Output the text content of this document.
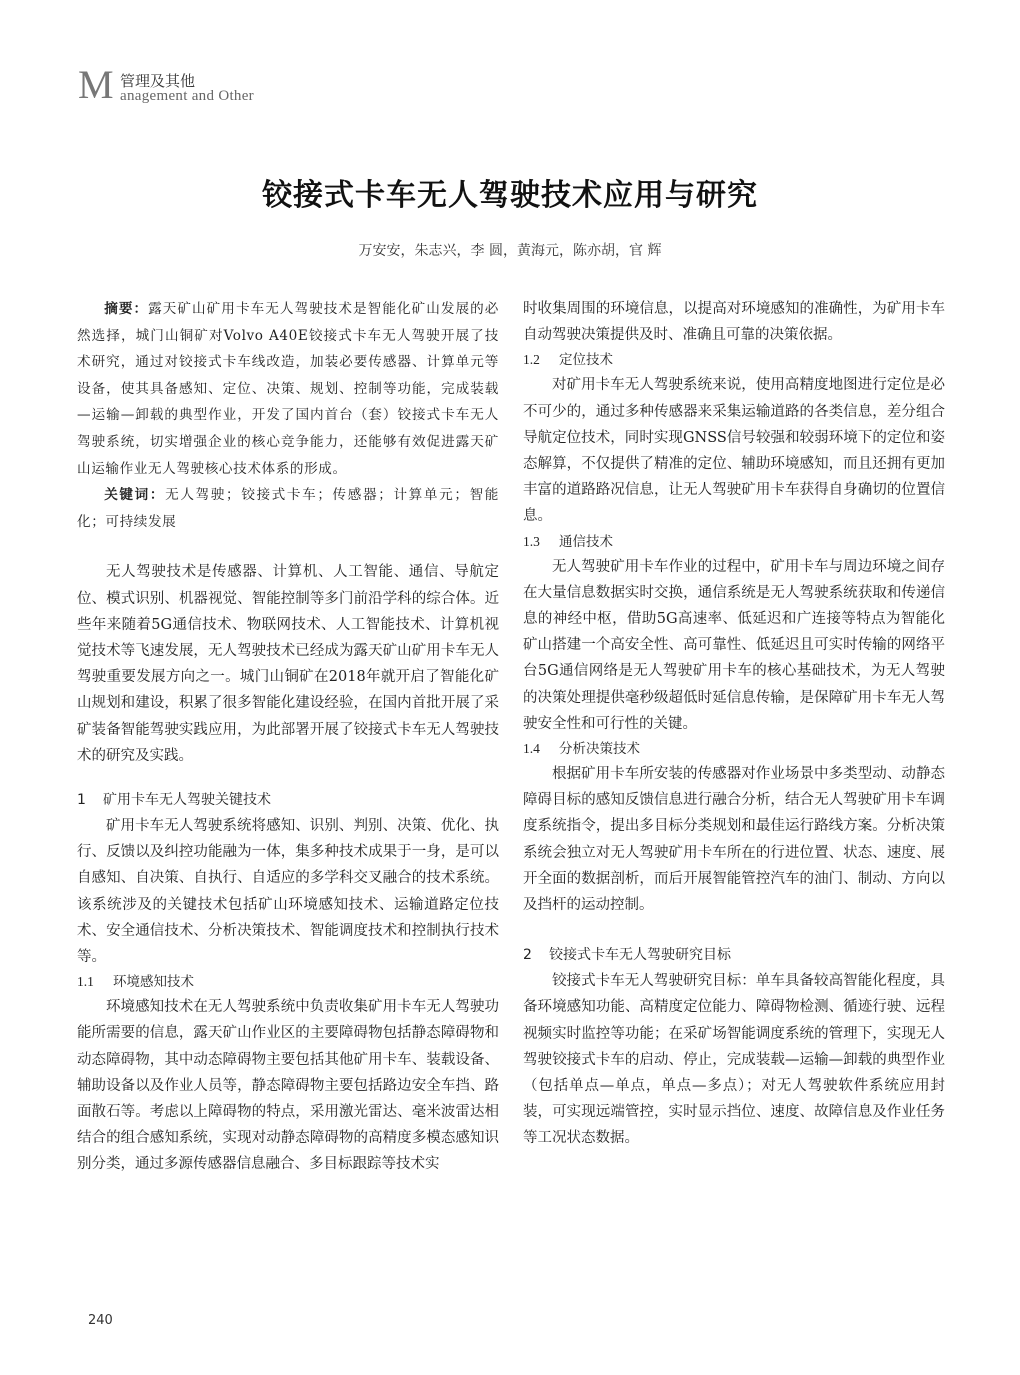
M 管理及其他
anagement and Other
铰接式卡车无人驾驶技术应用与研究
万安安，朱志兴，李 圆，黄海元，陈亦胡，官 辉

摘要：露天矿山矿用卡车无人驾驶技术是智能化矿山发展的必然选择，城门山铜矿对Volvo A40E铰接式卡车无人驾驶开展了技术研究，通过对铰接式卡车线改造，加装必要传感器、计算单元等设备，使其具备感知、定位、决策、规划、控制等功能，完成装载—运输—卸载的典型作业，开发了国内首台（套）铰接式卡车无人驾驶系统，切实增强企业的核心竞争能力，还能够有效促进露天矿山运输作业无人驾驶核心技术体系的形成。

关键词：无人驾驶；铰接式卡车；传感器；计算单元；智能化；可持续发展

无人驾驶技术是传感器、计算机、人工智能、通信、导航定位、模式识别、机器视觉、智能控制等多门前沿学科的综合体。近些年来随着5G通信技术、物联网技术、人工智能技术、计算机视觉技术等飞速发展，无人驾驶技术已经成为露天矿山矿用卡车无人驾驶重要发展方向之一。城门山铜矿在2018年就开启了智能化矿山规划和建设，积累了很多智能化建设经验，在国内首批开展了采矿装备智能驾驶实践应用，为此部署开展了铰接式卡车无人驾驶技术的研究及实践。

1 矿用卡车无人驾驶关键技术

矿用卡车无人驾驶系统将感知、识别、判别、决策、优化、执行、反馈以及纠控功能融为一体，集多种技术成果于一身，是可以自感知、自决策、自执行、自适应的多学科交叉融合的技术系统。该系统涉及的关键技术包括矿山环境感知技术、运输道路定位技术、安全通信技术、分析决策技术、智能调度技术和控制执行技术等。

1.1 环境感知技术

环境感知技术在无人驾驶系统中负责收集矿用卡车无人驾驶功能所需要的信息，露天矿山作业区的主要障碍物包括静态障碍物和动态障碍物，其中动态障碍物主要包括其他矿用卡车、装载设备、辅助设备以及作业人员等，静态障碍物主要包括路边安全车挡、路面散石等。考虑以上障碍物的特点，采用激光雷达、毫米波雷达相结合的组合感知系统，实现对动静态障碍物的高精度多模态感知识别分类，通过多源传感器信息融合、多目标跟踪等技术实

时收集周围的环境信息，以提高对环境感知的准确性，为矿用卡车自动驾驶决策提供及时、准确且可靠的决策依据。

1.2 定位技术

对矿用卡车无人驾驶系统来说，使用高精度地图进行定位是必不可少的，通过多种传感器来采集运输道路的各类信息，差分组合导航定位技术，同时实现GNSS信号较强和较弱环境下的定位和姿态解算，不仅提供了精准的定位、辅助环境感知，而且还拥有更加丰富的道路路况信息，让无人驾驶矿用卡车获得自身确切的位置信息。

1.3 通信技术

无人驾驶矿用卡车作业的过程中，矿用卡车与周边环境之间存在大量信息数据实时交换，通信系统是无人驾驶系统获取和传递信息的神经中枢，借助5G高速率、低延迟和广连接等特点为智能化矿山搭建一个高安全性、高可靠性、低延迟且可实时传输的网络平台5G通信网络是无人驾驶矿用卡车的核心基础技术，为无人驾驶的决策处理提供毫秒级超低时延信息传输，是保障矿用卡车无人驾驶安全性和可行性的关键。

1.4 分析决策技术

根据矿用卡车所安装的传感器对作业场景中多类型动、动静态障碍目标的感知反馈信息进行融合分析，结合无人驾驶矿用卡车调度系统指令，提出多目标分类规划和最佳运行路线方案。分析决策系统会独立对无人驾驶矿用卡车所在的行进位置、状态、速度、展开全面的数据剖析，而后开展智能管控汽车的油门、制动、方向以及挡杆的运动控制。

2 铰接式卡车无人驾驶研究目标

铰接式卡车无人驾驶研究目标：单车具备较高智能化程度，具备环境感知功能、高精度定位能力、障碍物检测、循迹行驶、远程视频实时监控等功能；在采矿场智能调度系统的管理下，实现无人驾驶铰接式卡车的启动、停止，完成装载—运输—卸载的典型作业（包括单点—单点，单点—多点）；对无人驾驶软件系统应用封装，可实现远端管控，实时显示挡位、速度、故障信息及作业任务等工况状态数据。

240
